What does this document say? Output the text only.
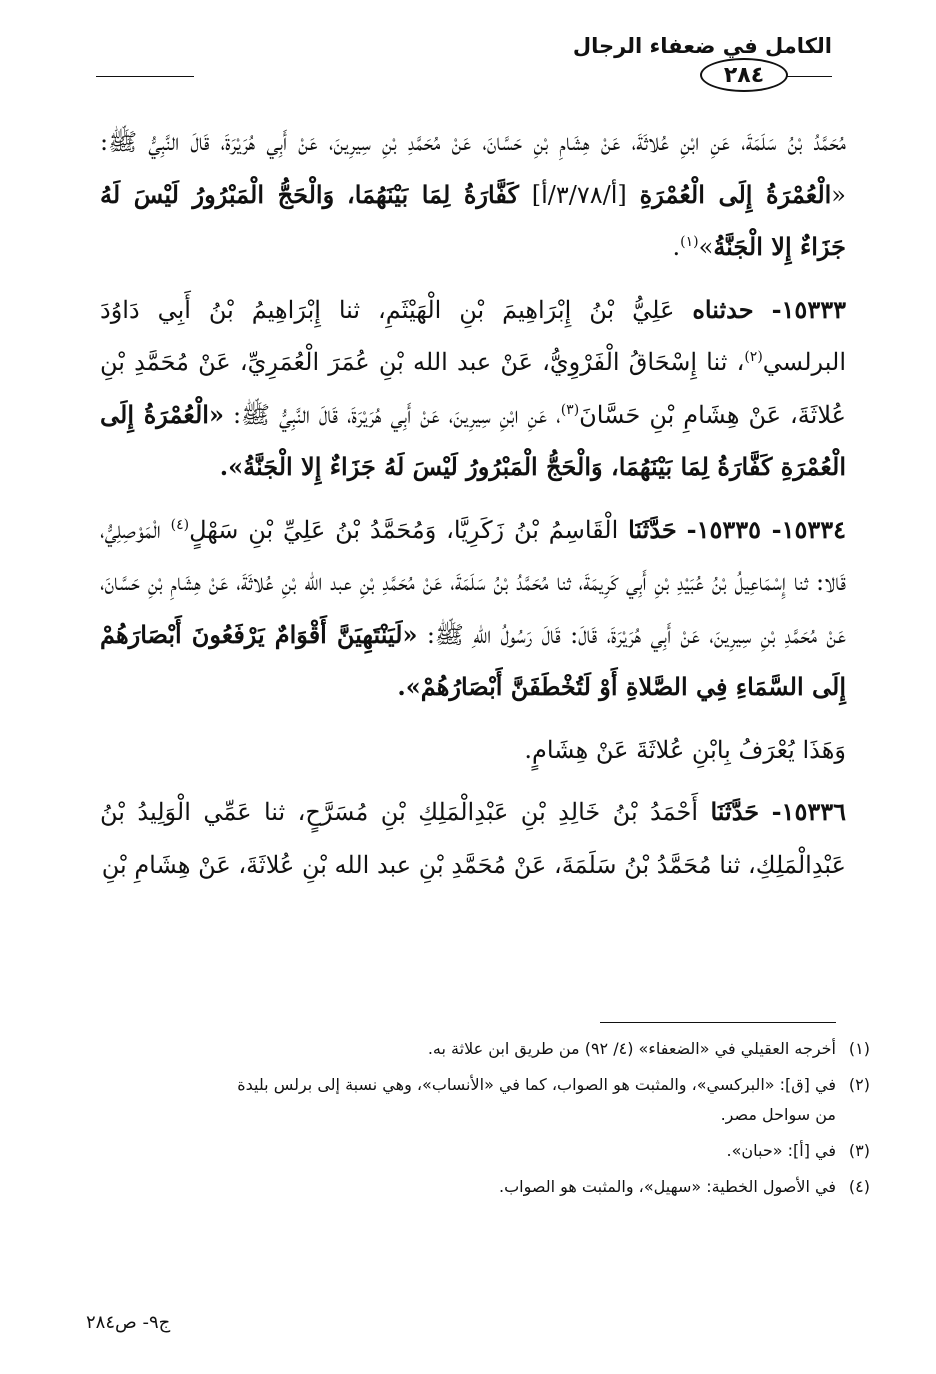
الكامل في ضعفاء الرجال
٢٨٤

مُحَمَّدُ بْنُ سَلَمَةَ، عَنِ ابْنِ عُلاثَةَ، عَنْ هِشَامِ بْنِ حَسَّانَ، عَنْ مُحَمَّدِ بْنِ سِيرِينَ، عَنْ أَبِي هُرَيْرَةَ، قَالَ النَّبِيُّ ﷺ: «الْعُمْرَةُ إِلَى الْعُمْرَةِ [أ/٣/٧٨/أ] كَفَّارَةُ لِمَا بَيْنَهُمَا، وَالْحَجُّ الْمَبْرُورُ لَيْسَ لَهُ جَزَاءٌ إِلا الْجَنَّةُ»$^{(١)}$.

١٥٣٣٣- حدثناه عَلِيُّ بْنُ إِبْرَاهِيمَ بْنِ الْهَيْثَمِ، ثنا إِبْرَاهِيمُ بْنُ أَبِي دَاوُدَ البرلسي$^{(٢)}$، ثنا إِسْحَاقُ الْفَرْوِيُّ، عَنْ عبد الله بْنِ عُمَرَ الْعُمَرِيِّ، عَنْ مُحَمَّدِ بْنِ عُلاثَةَ، عَنْ هِشَامِ بْنِ حَسَّانَ$^{(٣)}$، عَنِ ابْنِ سِيرِينَ، عَنْ أَبِي هُرَيْرَةَ، قَالَ النَّبِيُّ ﷺ: «الْعُمْرَةُ إِلَى الْعُمْرَةِ كَفَّارَةُ لِمَا بَيْنَهُمَا، وَالْحَجُّ الْمَبْرُورُ لَيْسَ لَهُ جَزَاءٌ إِلا الْجَنَّةُ».

١٥٣٣٤- ١٥٣٣٥- حَدَّثَنَا الْقَاسِمُ بْنُ زَكَرِيَّا، وَمُحَمَّدُ بْنُ عَلِيِّ بْنِ سَهْلٍ$^{(٤)}$ الْمَوْصِلِيُّ، قَالا: ثنا إِسْمَاعِيلُ بْنُ عُبَيْدِ بْنِ أَبِي كَرِيمَةَ، ثنا مُحَمَّدُ بْنُ سَلَمَةَ، عَنْ مُحَمَّدِ بْنِ عبد الله بْنِ عُلاثَةَ، عَنْ هِشَامِ بْنِ حَسَّانَ، عَنْ مُحَمَّدِ بْنِ سِيرِينَ، عَنْ أَبِي هُرَيْرَةَ، قَالَ: قَالَ رَسُولُ اللهِ ﷺ: «لَيَنْتَهِيَنَّ أَقْوَامٌ يَرْفَعُونَ أَبْصَارَهُمْ إِلَى السَّمَاءِ فِي الصَّلاةِ أَوْ لَتُخْطَفَنَّ أَبْصَارُهُمْ».

وَهَذَا يُعْرَفُ بِابْنِ عُلاثَةَ عَنْ هِشَامٍ.

١٥٣٣٦- حَدَّثَنَا أَحْمَدُ بْنُ خَالِدِ بْنِ عَبْدِالْمَلِكِ بْنِ مُسَرَّحٍ، ثنا عَمِّي الْوَلِيدُ بْنُ عَبْدِالْمَلِكِ، ثنا مُحَمَّدُ بْنُ سَلَمَةَ، عَنْ مُحَمَّدِ بْنِ عبد الله بْنِ عُلاثَةَ، عَنْ هِشَامِ بْنِ

(١)أخرجه العقيلي في «الضعفاء» (٤/ ٩٢) من طريق ابن علاثة به.
(٢)في [ق]: «البركسي»، والمثبت هو الصواب، كما في «الأنساب»، وهي نسبة إلى برلس بليدة
من سواحل مصر.
(٣)في [أ]: «حبان».
(٤)في الأصول الخطية: «سهيل»، والمثبت هو الصواب.
ج٩- ص٢٨٤
